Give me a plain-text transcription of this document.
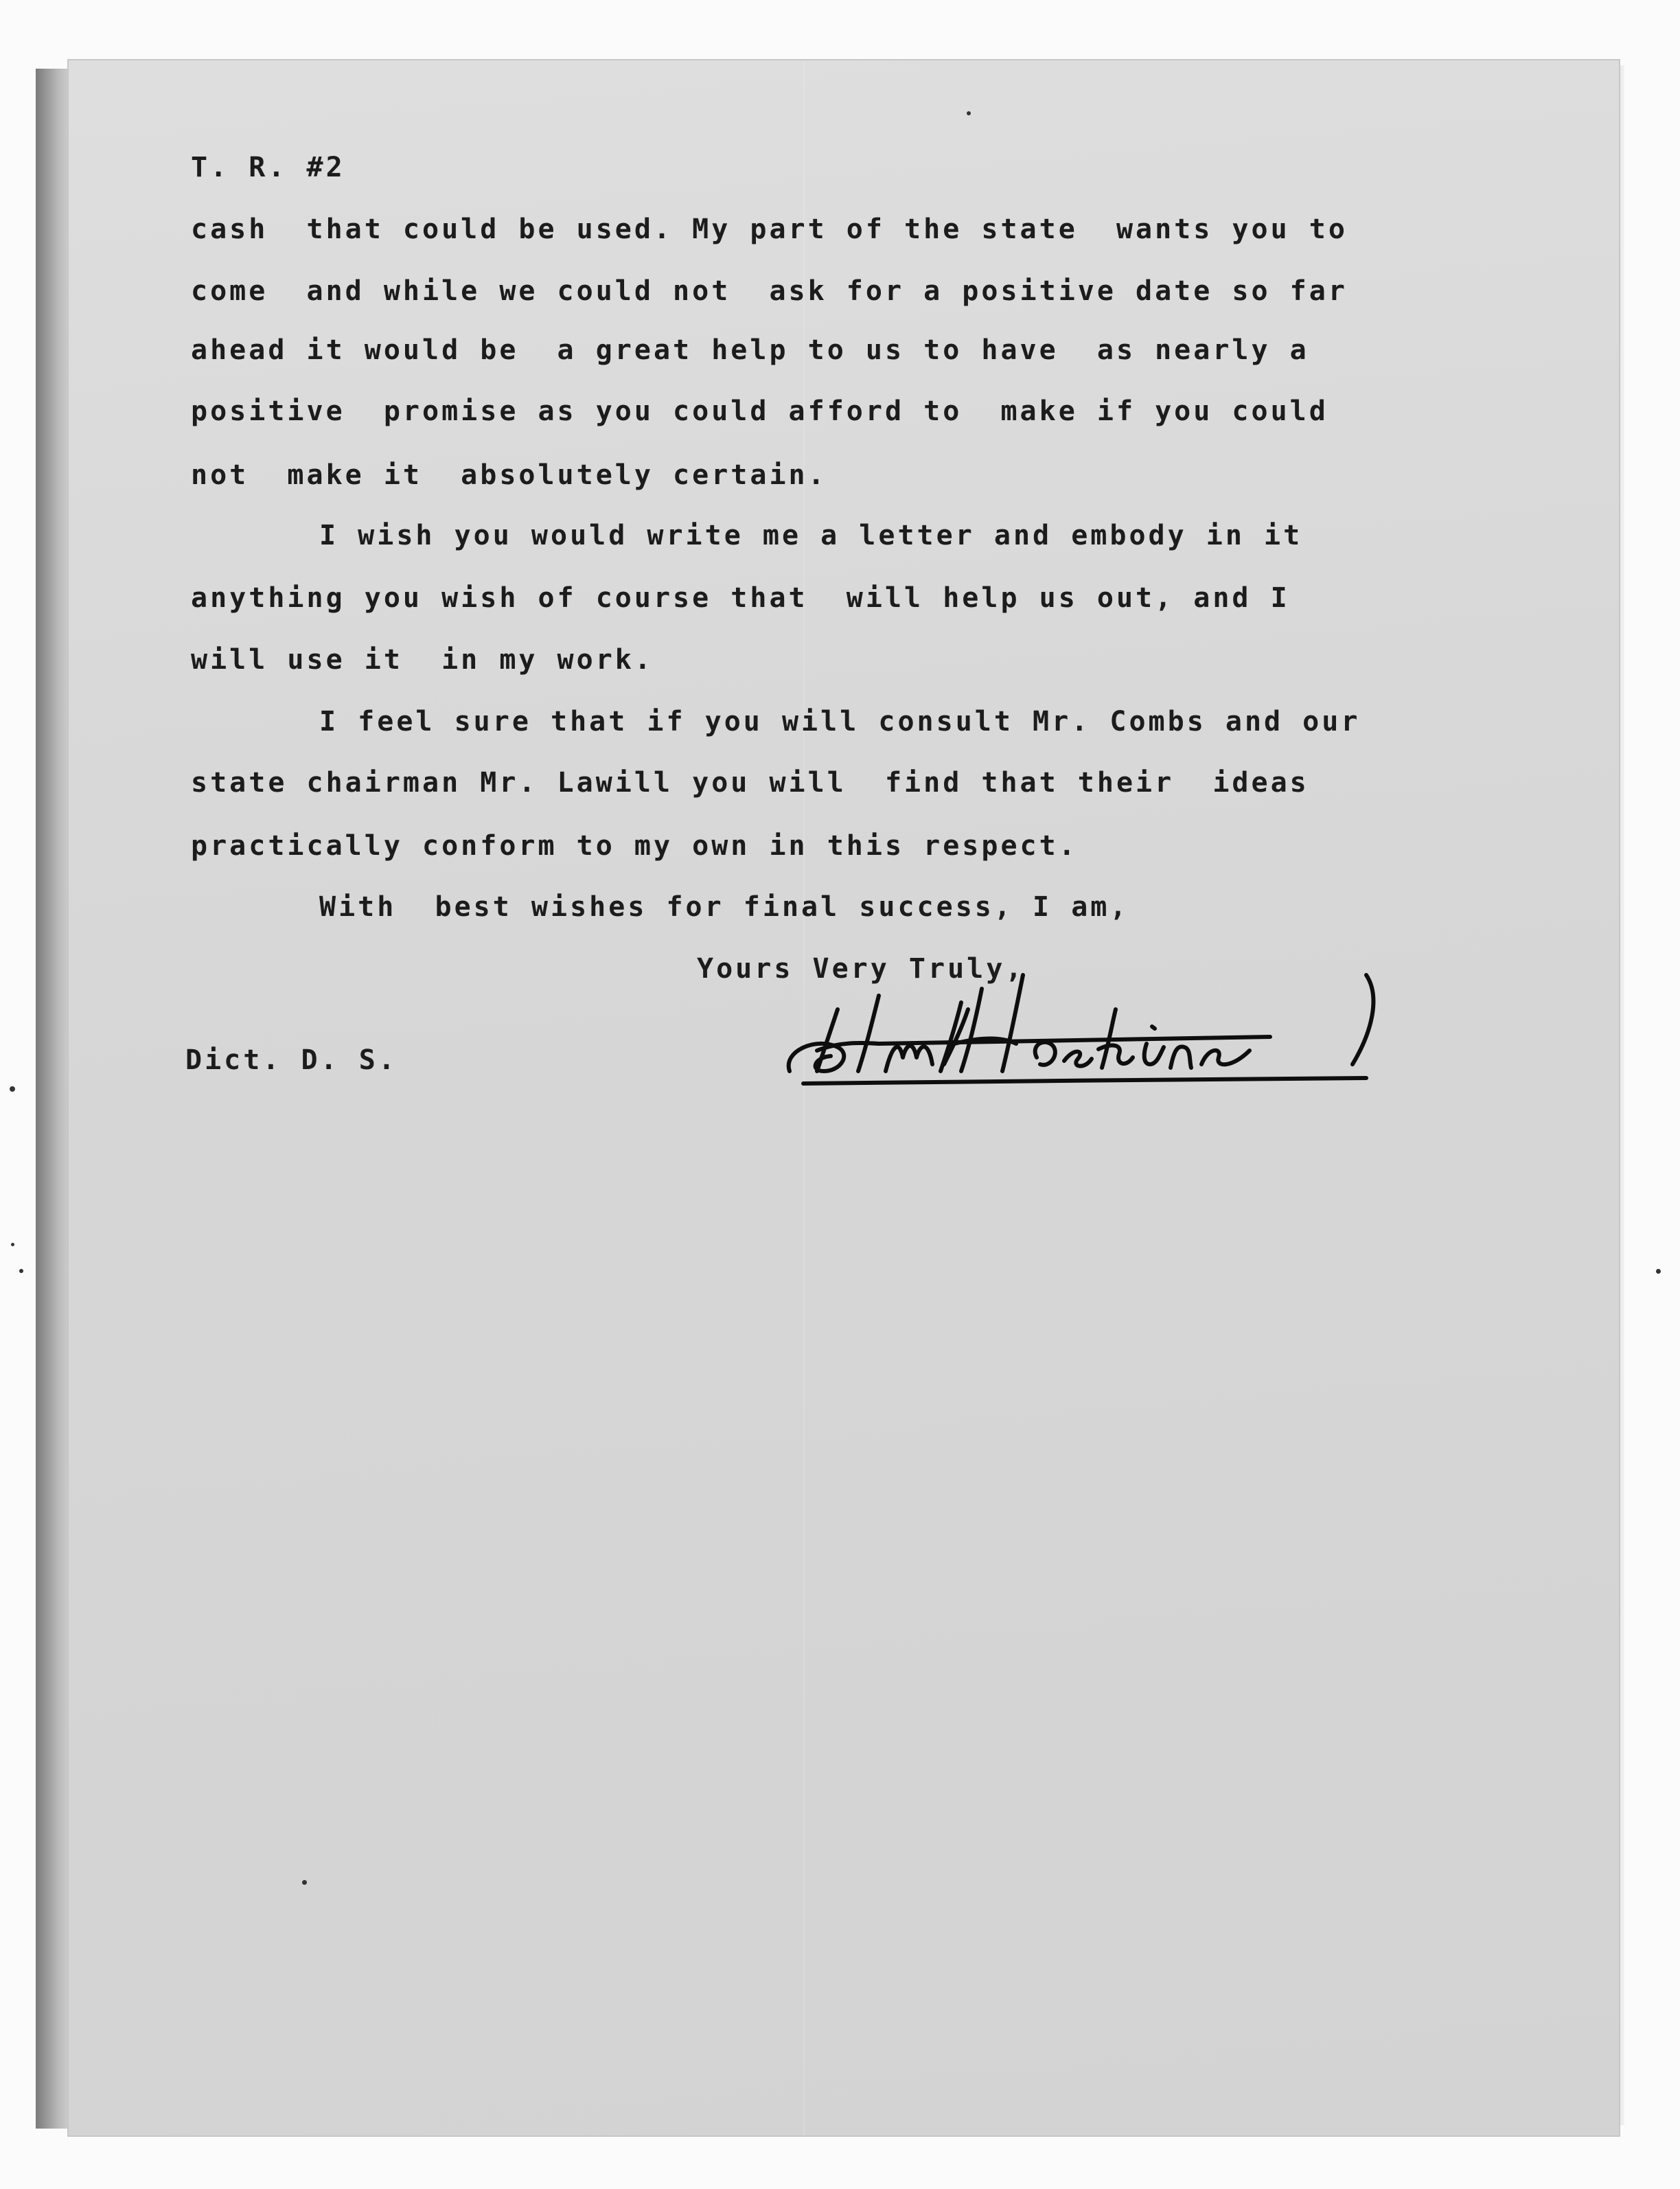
T. R. #2

cash  that could be used. My part of the state  wants you to

come  and while we could not  ask for a positive date so far

ahead it would be  a great help to us to have  as nearly a

positive  promise as you could afford to  make if you could

not  make it  absolutely certain.

I wish you would write me a letter and embody in it

anything you wish of course that  will help us out, and I

will use it  in my work.

I feel sure that if you will consult Mr. Combs and our

state chairman Mr. Lawill you will  find that their  ideas

practically conform to my own in this respect.

With  best wishes for final success, I am,

Yours Very Truly,

Dict. D. S.
